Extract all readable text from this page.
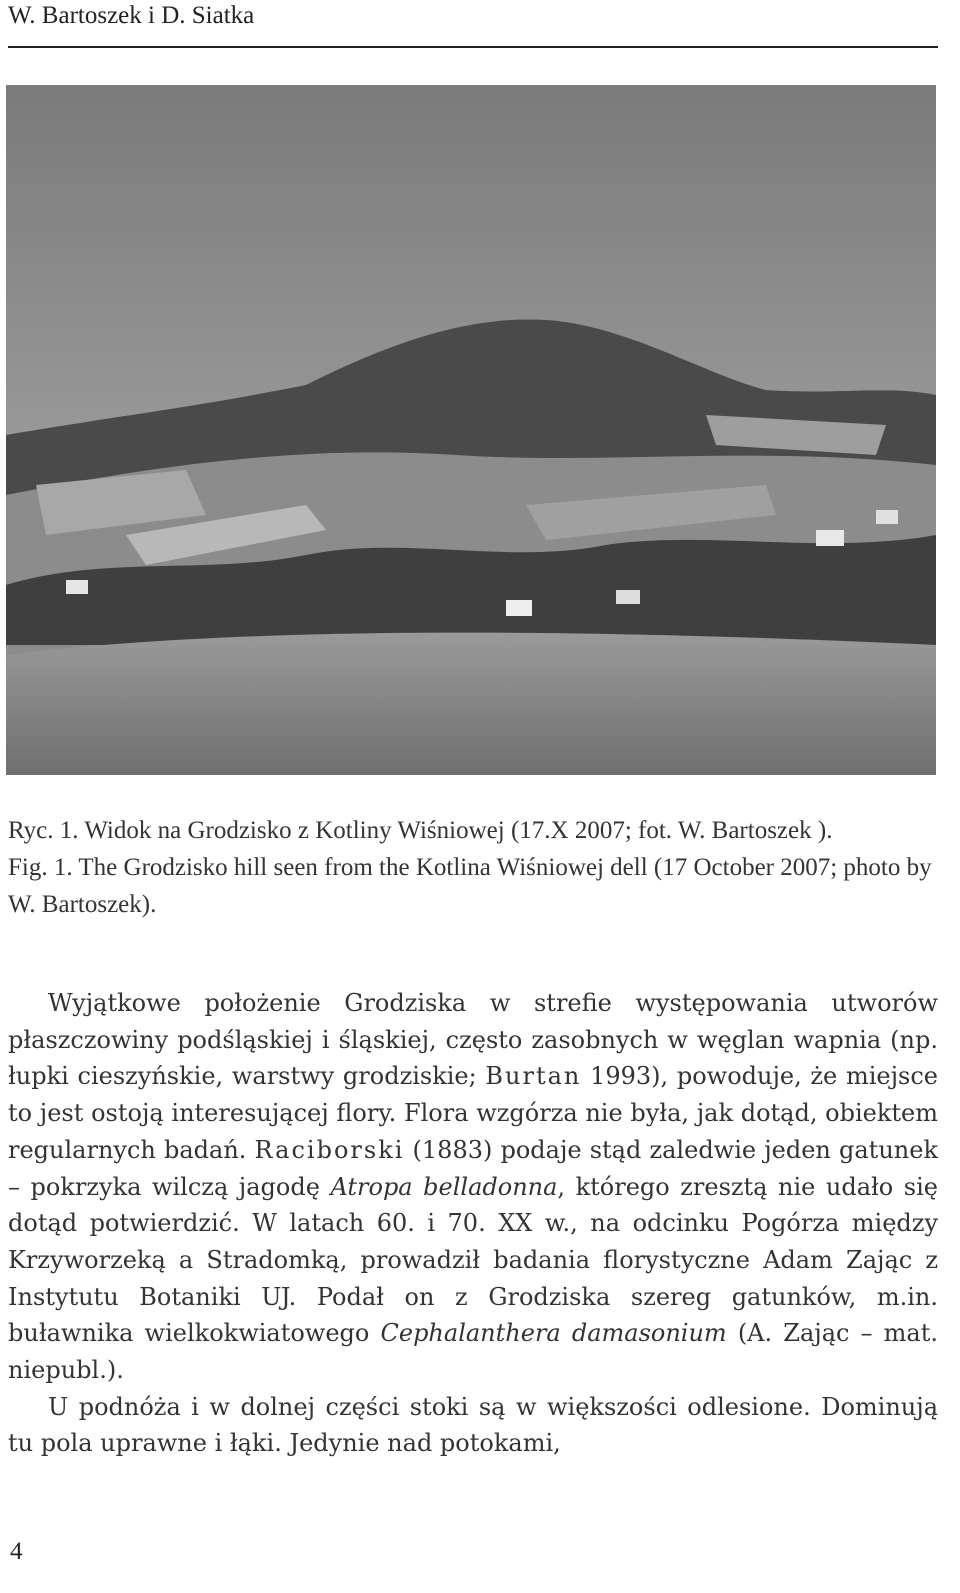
W. Bartoszek i D. Siatka

Ryc. 1. Widok na Grodzisko z Kotliny Wiśniowej (17.X 2007; fot. W. Bartoszek ).

Fig. 1. The Grodzisko hill seen from the Kotlina Wiśniowej dell (17 October 2007; photo by W. Bartoszek).

Wyjątkowe położenie Grodziska w strefie występowania utworów płaszczowiny podśląskiej i śląskiej, często zasobnych w węglan wapnia (np. łupki cieszyńskie, warstwy grodziskie; Burtan 1993), powoduje, że miejsce to jest ostoją interesującej flory. Flora wzgórza nie była, jak dotąd, obiektem regularnych badań. Raciborski (1883) podaje stąd zaledwie jeden gatunek – pokrzyka wilczą jagodę Atropa belladonna, którego zresztą nie udało się dotąd potwierdzić. W latach 60. i 70. XX w., na odcinku Pogórza między Krzyworzeką a Stradomką, prowadził badania florystyczne Adam Zając z Instytutu Botaniki UJ. Podał on z Grodziska szereg gatunków, m.in. buławnika wielkokwiatowego Cephalanthera damasonium (A. Zając – mat. niepubl.).

U podnóża i w dolnej części stoki są w większości odlesione. Dominują tu pola uprawne i łąki. Jedynie nad potokami,

4
